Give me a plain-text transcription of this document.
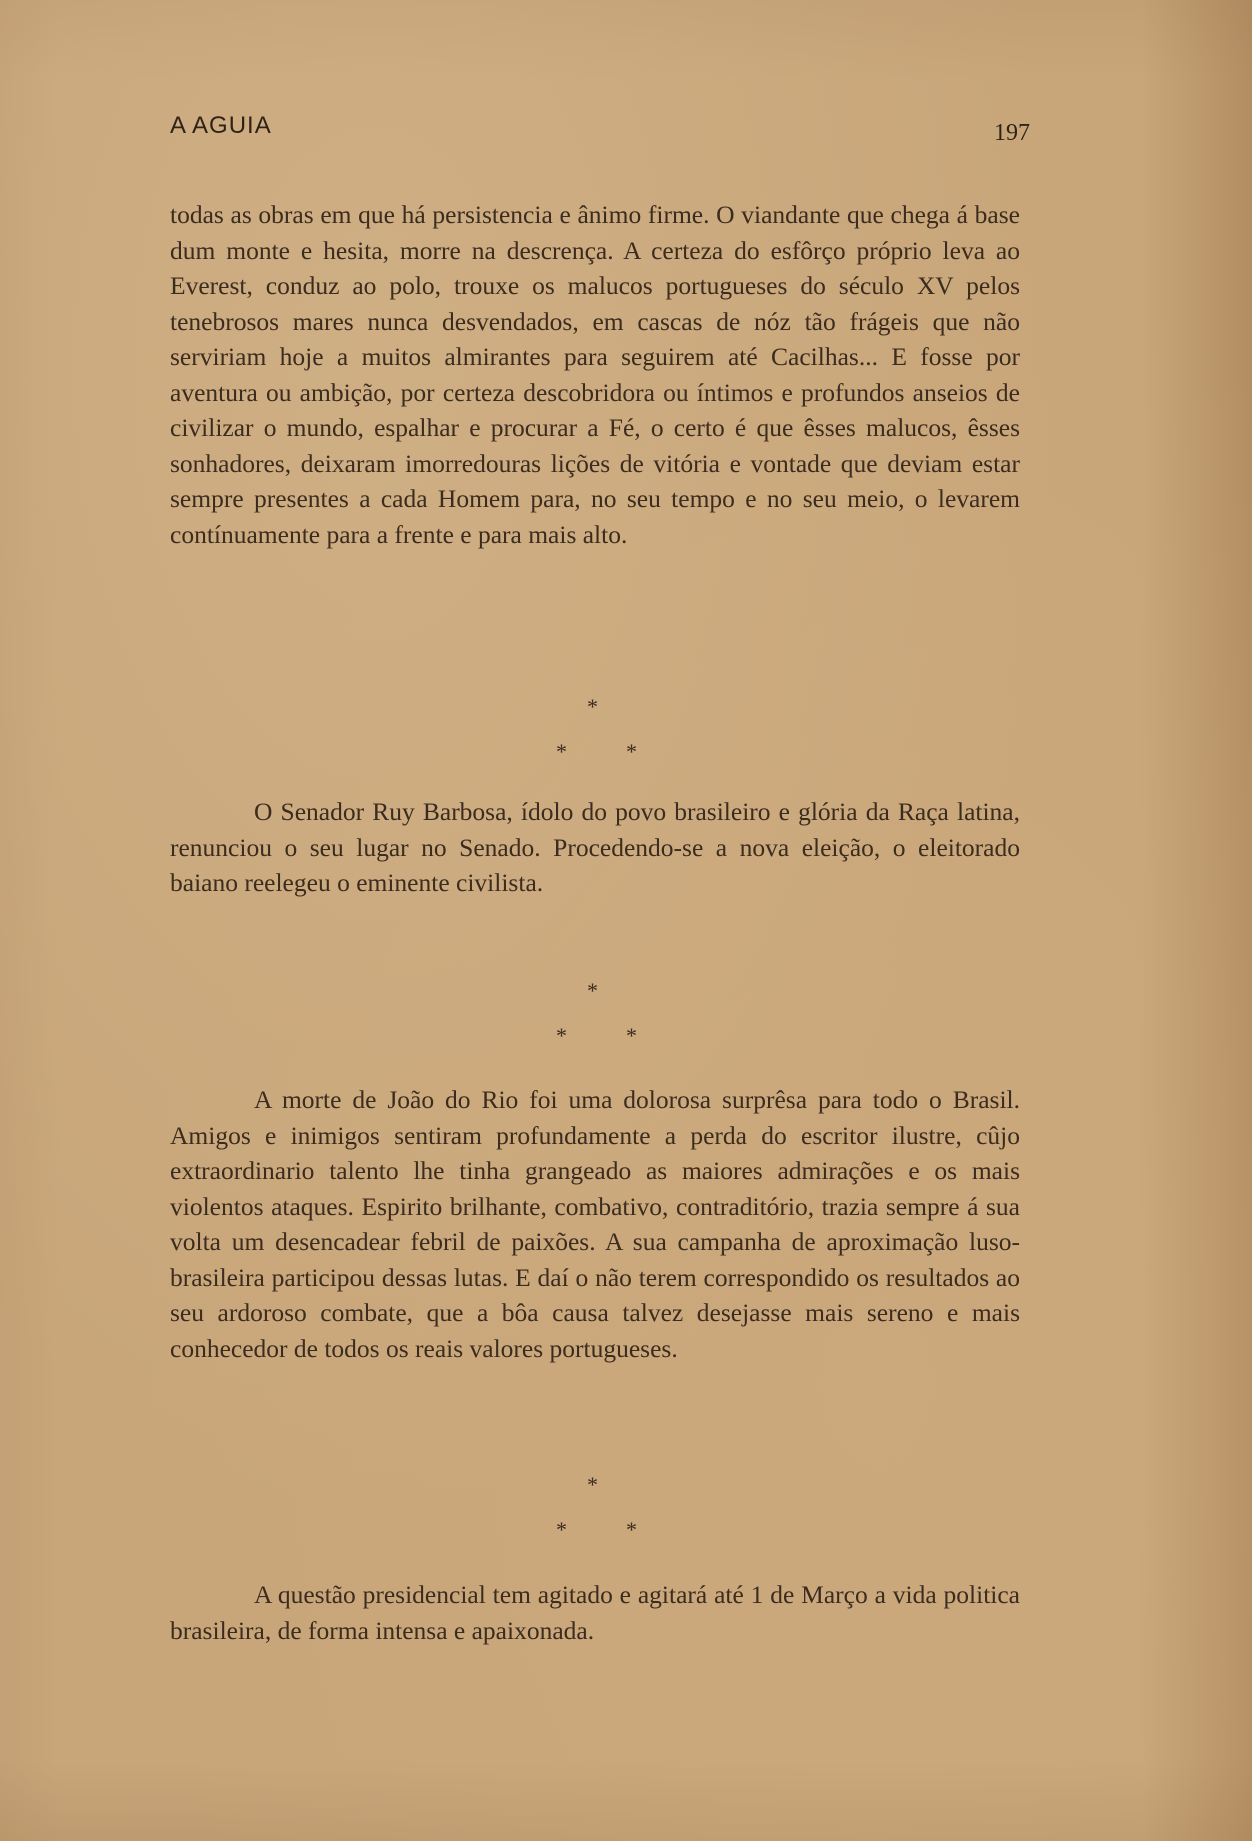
A AGUIA	197

todas as obras em que há persistencia e ânimo firme. O viandante que chega á base dum monte e hesita, morre na descrença. A certeza do esfôrço próprio leva ao Everest, conduz ao polo, trouxe os malucos portugueses do século XV pelos tenebrosos mares nunca desvendados, em cascas de nóz tão frágeis que não serviriam hoje a muitos almirantes para seguirem até Cacilhas... E fosse por aventura ou ambição, por certeza descobridora ou íntimos e profundos anseios de civilizar o mundo, espalhar e procurar a Fé, o certo é que êsses malucos, êsses sonhadores, deixaram imorredouras lições de vitória e vontade que deviam estar sempre presentes a cada Homem para, no seu tempo e no seu meio, o levarem contínuamente para a frente e para mais alto.

*
*	*

O Senador Ruy Barbosa, ídolo do povo brasileiro e glória da Raça latina, renunciou o seu lugar no Senado. Procedendo-se a nova eleição, o eleitorado baiano reelegeu o eminente civilista.

*
*	*

A morte de João do Rio foi uma dolorosa surprêsa para todo o Brasil. Amigos e inimigos sentiram profundamente a perda do escritor ilustre, cûjo extraordinario talento lhe tinha grangeado as maiores admirações e os mais violentos ataques. Espirito brilhante, combativo, contraditório, trazia sempre á sua volta um desencadear febril de paixões. A sua campanha de aproximação luso-brasileira participou dessas lutas. E daí o não terem correspondido os resultados ao seu ardoroso combate, que a bôa causa talvez desejasse mais sereno e mais conhecedor de todos os reais valores portugueses.

*
*	*

A questão presidencial tem agitado e agitará até 1 de Março a vida politica brasileira, de forma intensa e apaixonada.
